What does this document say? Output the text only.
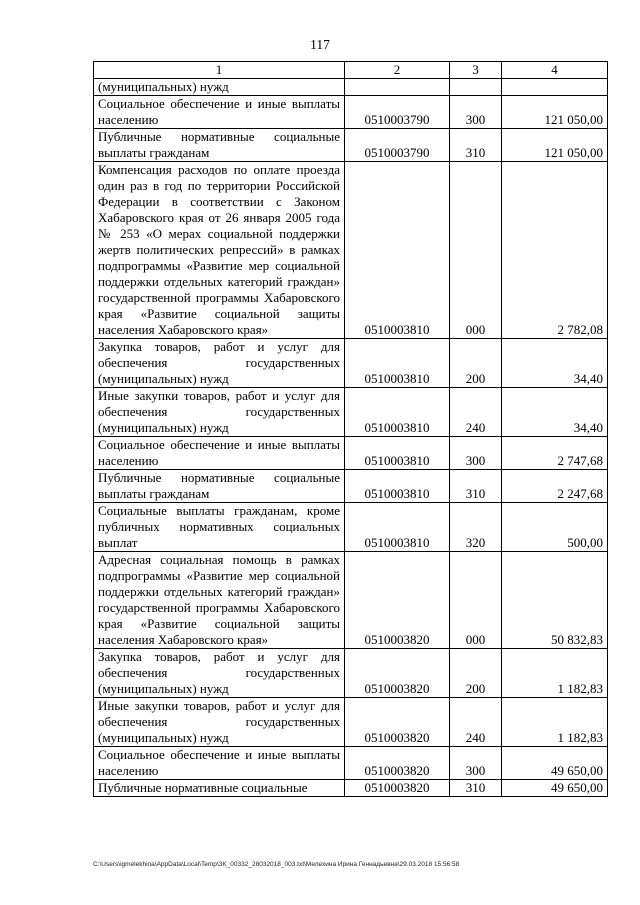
117
1	2	3	4
(муниципальных) нужд			
Социальное обеспечение и иные выплаты населению	0510003790	300	121 050,00
Публичные нормативные социальные выплаты гражданам	0510003790	310	121 050,00
Компенсация расходов по оплате проезда один раз в год по территории Российской Федерации в соответствии с Законом Хабаровского края от 26 января 2005 года № 253 «О мерах социальной поддержки жертв политических репрессий» в рамках подпрограммы «Развитие мер социальной поддержки отдельных категорий граждан» государственной программы Хабаровского края «Развитие социальной защиты населения Хабаровского края»	0510003810	000	2 782,08
Закупка товаров, работ и услуг для обеспечения государственных (муниципальных) нужд	0510003810	200	34,40
Иные закупки товаров, работ и услуг для обеспечения государственных (муниципальных) нужд	0510003810	240	34,40
Социальное обеспечение и иные выплаты населению	0510003810	300	2 747,68
Публичные нормативные социальные выплаты гражданам	0510003810	310	2 247,68
Социальные выплаты гражданам, кроме публичных нормативных социальных выплат	0510003810	320	500,00
Адресная социальная помощь в рамках подпрограммы «Развитие мер социальной поддержки отдельных категорий граждан» государственной программы Хабаровского края «Развитие социальной защиты населения Хабаровского края»	0510003820	000	50 832,83
Закупка товаров, работ и услуг для обеспечения государственных (муниципальных) нужд	0510003820	200	1 182,83
Иные закупки товаров, работ и услуг для обеспечения государственных (муниципальных) нужд	0510003820	240	1 182,83
Социальное обеспечение и иные выплаты населению	0510003820	300	49 650,00
Публичные нормативные социальные	0510003820	310	49 650,00
C:\Users\igmelekhina\AppData\Local\Temp\3K_00332_28032018_003.txt\Мелехина Ирина Геннадьевна\29.03.2018 15:56:58
